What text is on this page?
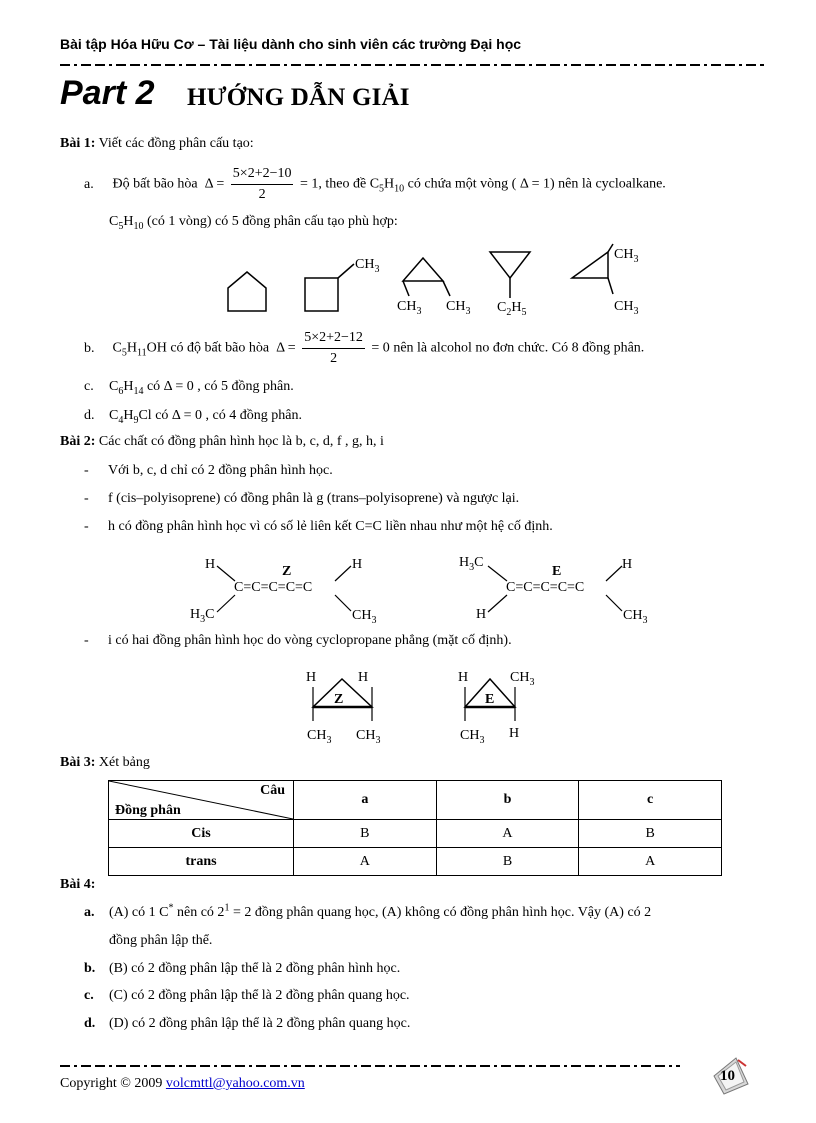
Bài tập Hóa Hữu Cơ – Tài liệu dành cho sinh viên các trường Đại học
Part 2 HƯỚNG DẪN GIẢI
Bài 1: Viết các đồng phân cấu tạo:
a. Độ bất bão hòa  $\Delta = \frac{5\times 2+2-10}{2} = 1$, theo đề $C_5H_{10}$ có chứa một vòng ( Δ = 1) nên là cycloalkane.
$C_5H_{10}$ (có 1 vòng) có 5 đồng phân cấu tạo phù hợp:
$CH_3$
$CH_3$ $CH_3$ $C_2H_5$
$CH_3$
$CH_3$
b. $C_5H_{11}OH$ có độ bất bão hòa  $\Delta = \frac{5\times 2+2-12}{2} = 0$ nên là alcohol no đơn chức. Có 8 đồng phân.
c. $C_6H_{14}$ có Δ = 0 , có 5 đồng phân.
d. $C_4H_9Cl$ có Δ = 0 , có 4 đồng phân.
Bài 2: Các chất có đồng phân hình học là b, c, d, f , g, h, i
- Với b, c, d chỉ có 2 đồng phân hình học.
- f (cis–polyisoprene) có đồng phân là g (trans–polyisoprene) và ngược lại.
- h có đồng phân hình học vì có số lẻ liên kết C=C liền nhau như một hệ cố định.
H
C=C=C=C=C
Z	H
$H_3C$	$CH_3$
$H_3C$
C=C=C=C=C
E	H
H	$CH_3$
- i có hai đồng phân hình học do vòng cyclopropane phẳng (mặt cố định).
H	H
Z
$CH_3$ $CH_3$
H	$CH_3$
E
$CH_3$ H
Bài 3: Xét bảng
Câu
Đồng phân	a	b	c
Cis	B	A	B
trans	A	B	A
Bài 4:
a. (A) có 1 C* nên có $2^1 = 2$ đồng phân quang học, (A) không có đồng phân hình học. Vậy (A) có 2
đồng phân lập thể.
b. (B) có 2 đồng phân lập thể là 2 đồng phân hình học.
c. (C) có 2 đồng phân lập thể là 2 đồng phân quang học.
d. (D) có 2 đồng phân lập thể là 2 đồng phân quang học.
Copyright © 2009 volcmttl@yahoo.com.vn	10
